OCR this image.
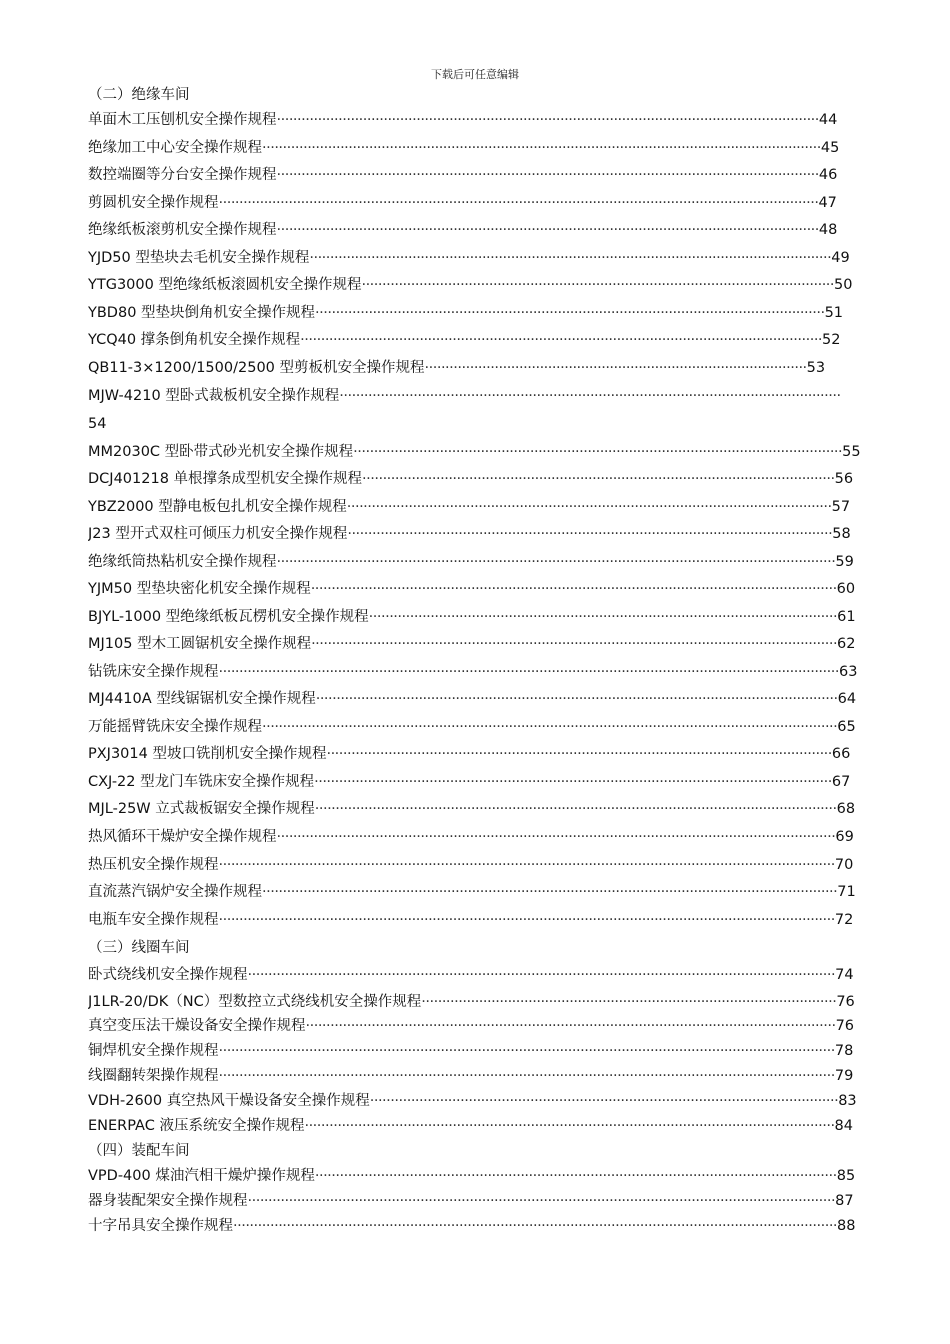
下载后可任意编辑
（二）绝缘车间
单面木工压刨机安全操作规程····································································································································44
绝缘加工中心安全操作规程········································································································································45
数控端圈等分台安全操作规程····································································································································46
剪圆机安全操作规程··················································································································································47
绝缘纸板滚剪机安全操作规程····································································································································48
YJD50 型垫块去毛机安全操作规程·······························································································································49
YTG3000 型绝缘纸板滚圆机安全操作规程···················································································································50
YBD80 型垫块倒角机安全操作规程····························································································································51
YCQ40 撑条倒角机安全操作规程·······························································································································52
QB11-3×1200/1500/2500 型剪板机安全操作规程·····························································································53
MJW-4210 型卧式裁板机安全操作规程··························································································································
54
MM2030C 型卧带式砂光机安全操作规程·······················································································································55
DCJ401218 单根撑条成型机安全操作规程···················································································································56
YBZ2000 型静电板包扎机安全操作规程······················································································································57
J23 型开式双柱可倾压力机安全操作规程······················································································································58
绝缘纸筒热粘机安全操作规程········································································································································59
YJM50 型垫块密化机安全操作规程································································································································60
BJYL-1000 型绝缘纸板瓦楞机安全操作规程··················································································································61
MJ105 型木工圆锯机安全操作规程································································································································62
钻铣床安全操作规程·······················································································································································63
MJ4410A 型线锯锯机安全操作规程·······························································································································64
万能摇臂铣床安全操作规程············································································································································65
PXJ3014 型坡口铣削机安全操作规程···························································································································66
CXJ-22 型龙门车铣床安全操作规程······························································································································67
MJL-25W 立式裁板锯安全操作规程·······························································································································68
热风循环干燥炉安全操作规程········································································································································69
热压机安全操作规程······················································································································································70
直流蒸汽锅炉安全操作规程············································································································································71
电瓶车安全操作规程······················································································································································72
（三）线圈车间
卧式绕线机安全操作规程···············································································································································74
J1LR-20/DK（NC）型数控立式绕线机安全操作规程·····································································································76
真空变压法干燥设备安全操作规程·································································································································76
铜焊机安全操作规程······················································································································································78
线圈翻转架操作规程······················································································································································79
VDH-2600 真空热风干燥设备安全操作规程··················································································································83
ENERPAC 液压系统安全操作规程·································································································································84
（四）装配车间
VPD-400 煤油汽相干燥炉操作规程·······························································································································85
器身装配架安全操作规程···············································································································································87
十字吊具安全操作规程···················································································································································88
